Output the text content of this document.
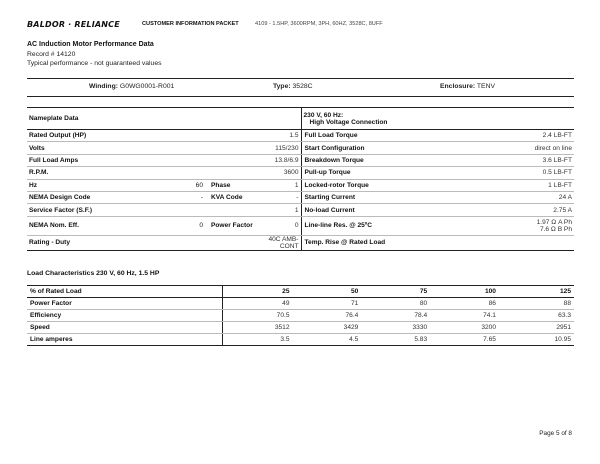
BALDOR · RELIANCE	CUSTOMER INFORMATION PACKET	4109 - 1.5HP, 3600RPM, 3PH, 60HZ, 3528C, 8UFF
AC Induction Motor Performance Data
Record # 14120
Typical performance - not guaranteed values
Winding: G0WG0001-R001	Type: 3528C	Enclosure: TENV
Nameplate Data				230 V, 60 Hz:
High Voltage Connection	

Rated Output (HP)			1.5	Full Load Torque	2.4 LB-FT
Volts			115/230	Start Configuration	direct on line
Full Load Amps			13.8/6.9	Breakdown Torque	3.6 LB-FT
R.P.M.			3600	Pull-up Torque	0.5 LB-FT
Hz	60	Phase	1	Locked-rotor Torque	1 LB-FT
NEMA Design Code	-	KVA Code	-	Starting Current	24 A
Service Factor (S.F.)			1	No-load Current	2.75 A
NEMA Nom. Eff.	0	Power Factor	0	Line-line Res. @ 25ºC	1.97 Ω A Ph
7.6 Ω B Ph

Rating - Duty			40C AMB-CONT	Temp. Rise @ Rated Load	
Load Characteristics 230 V, 60 Hz, 1.5 HP
% of Rated Load	25	50	75	100	125
Power Factor	49	71	80	86	88
Efficiency	70.5	76.4	78.4	74.1	63.3
Speed	3512	3429	3330	3200	2951
Line amperes	3.5	4.5	5.83	7.65	10.95
Page 5 of 8
